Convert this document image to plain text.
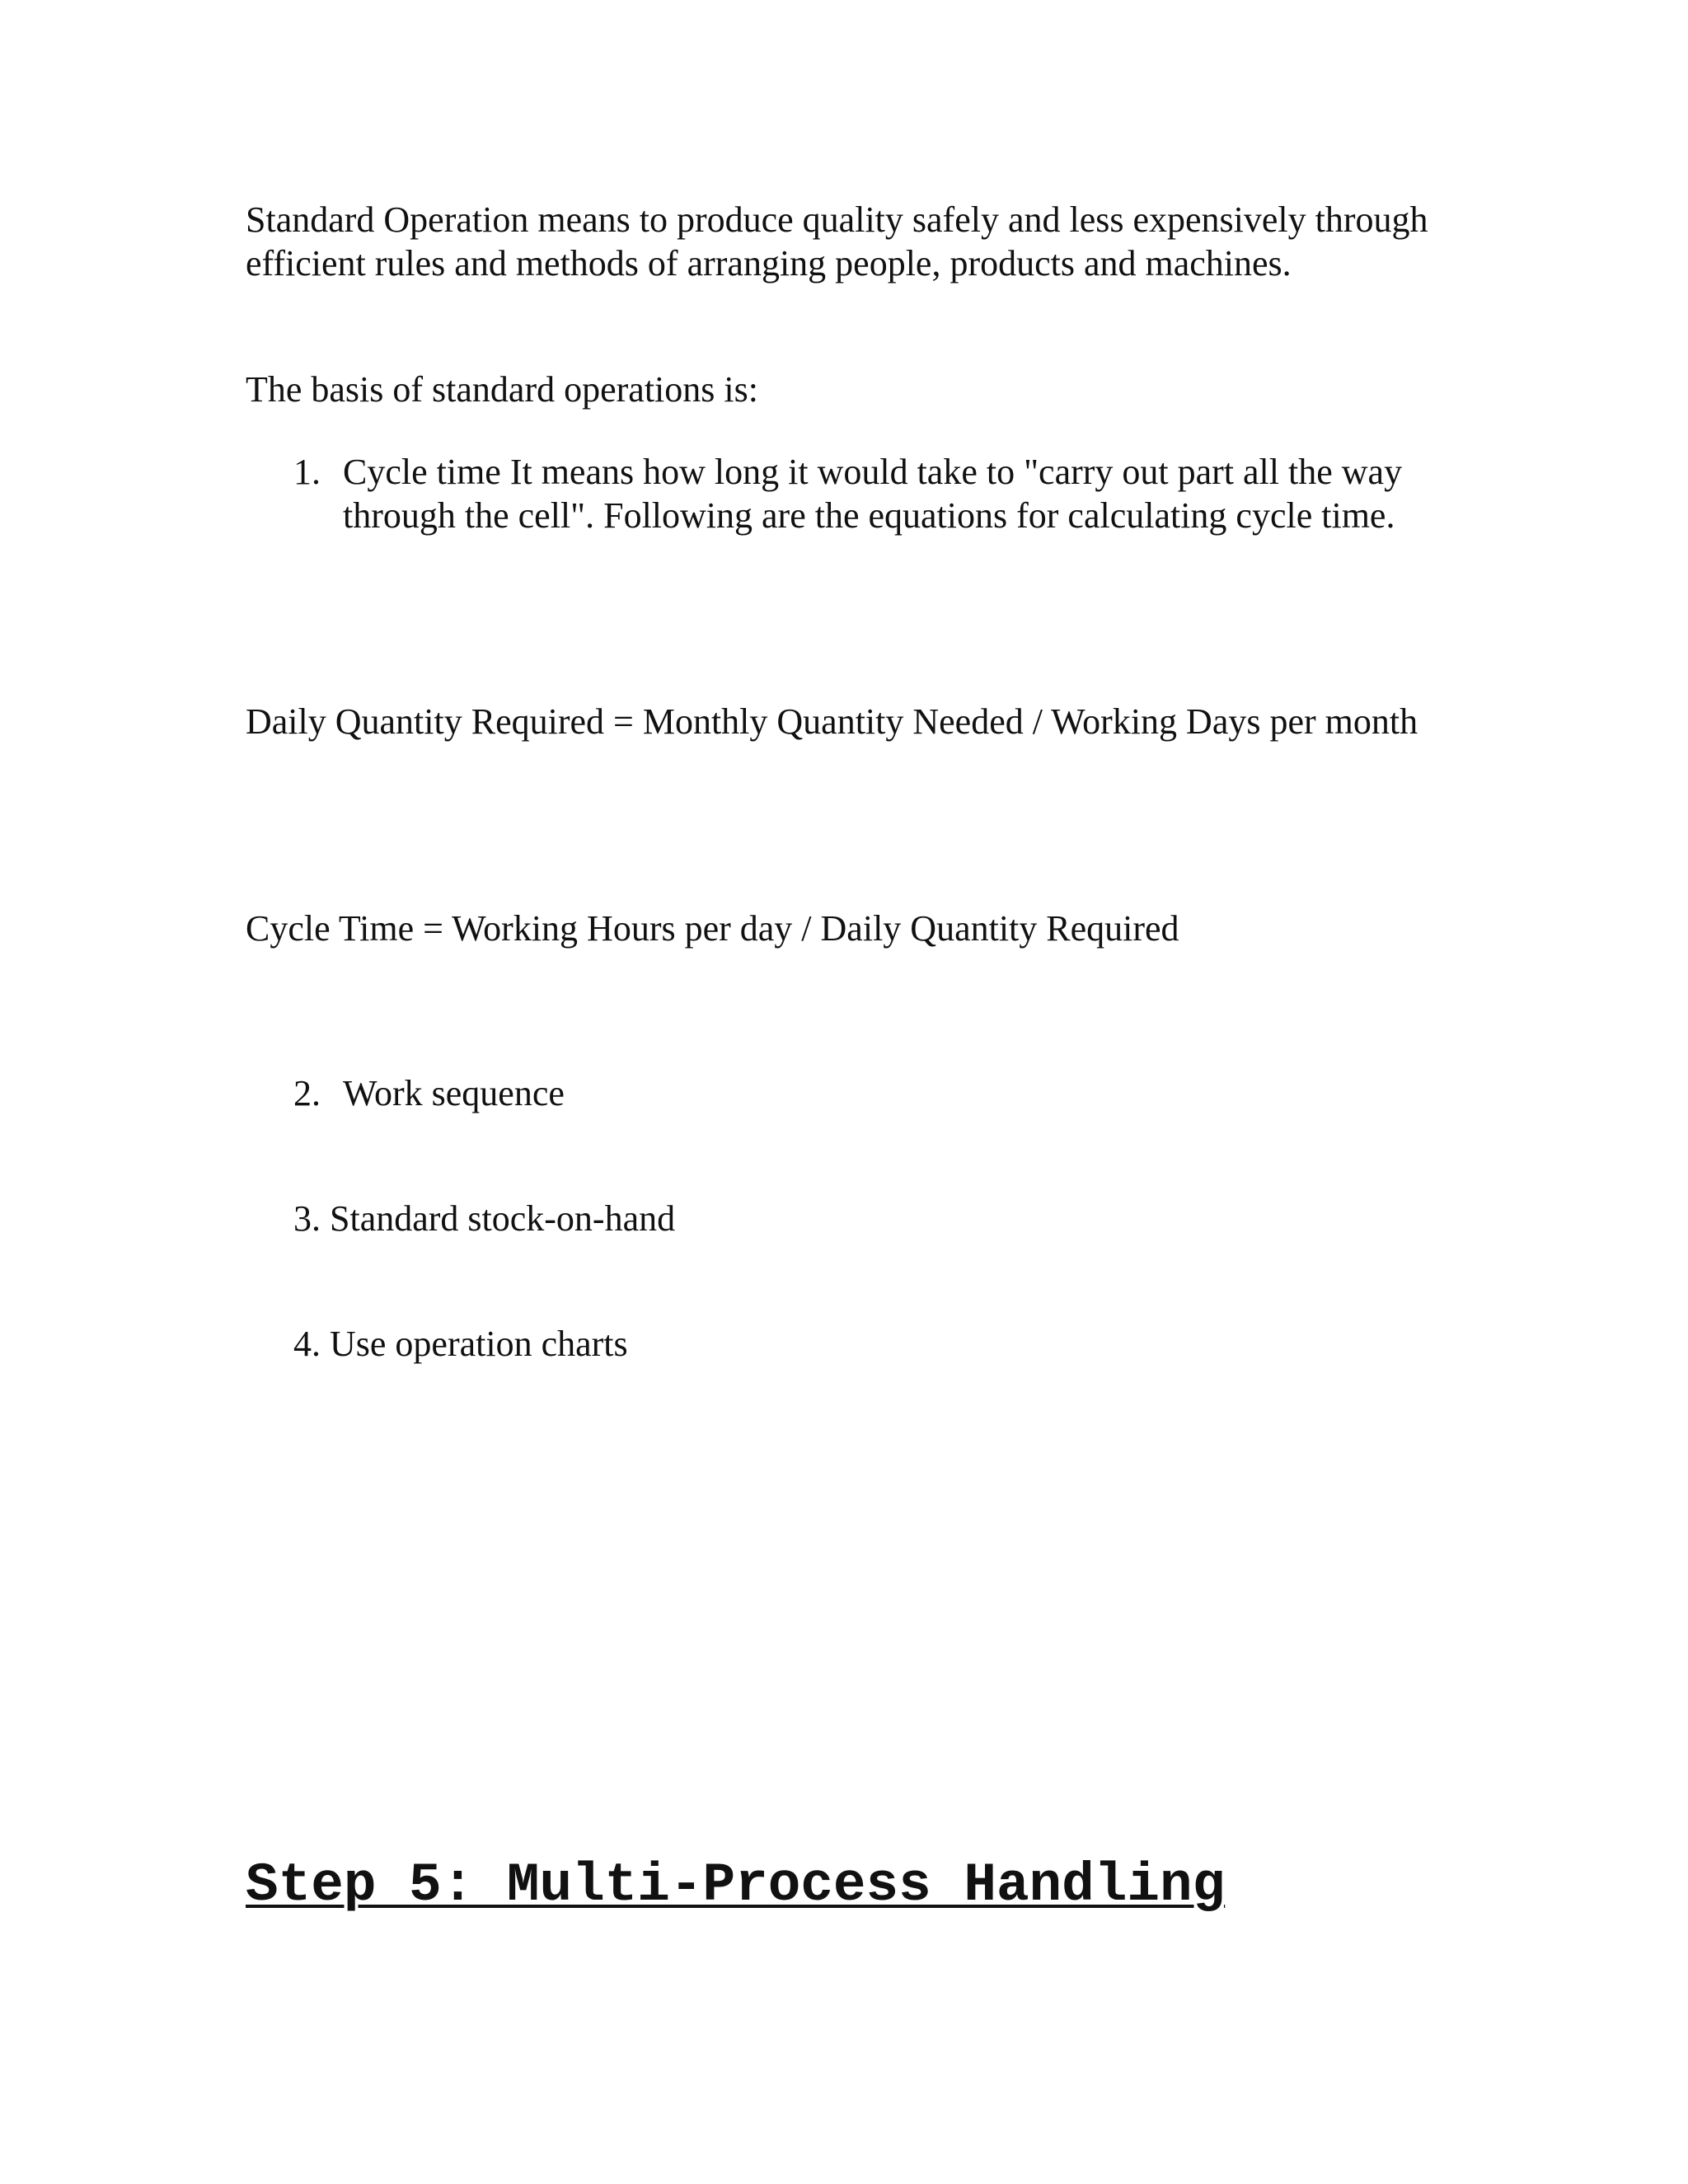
Standard Operation means to produce quality safely and less expensively through efficient rules and methods of arranging people, products and machines.

The basis of standard operations is:

1. Cycle time It means how long it would take to "carry out part all the way through the cell". Following are the equations for calculating cycle time.

Daily Quantity Required = Monthly Quantity Needed / Working Days per month

Cycle Time = Working Hours per day / Daily Quantity Required

2. Work sequence

3. Standard stock-on-hand

4. Use operation charts

Step 5: Multi-Process Handling
